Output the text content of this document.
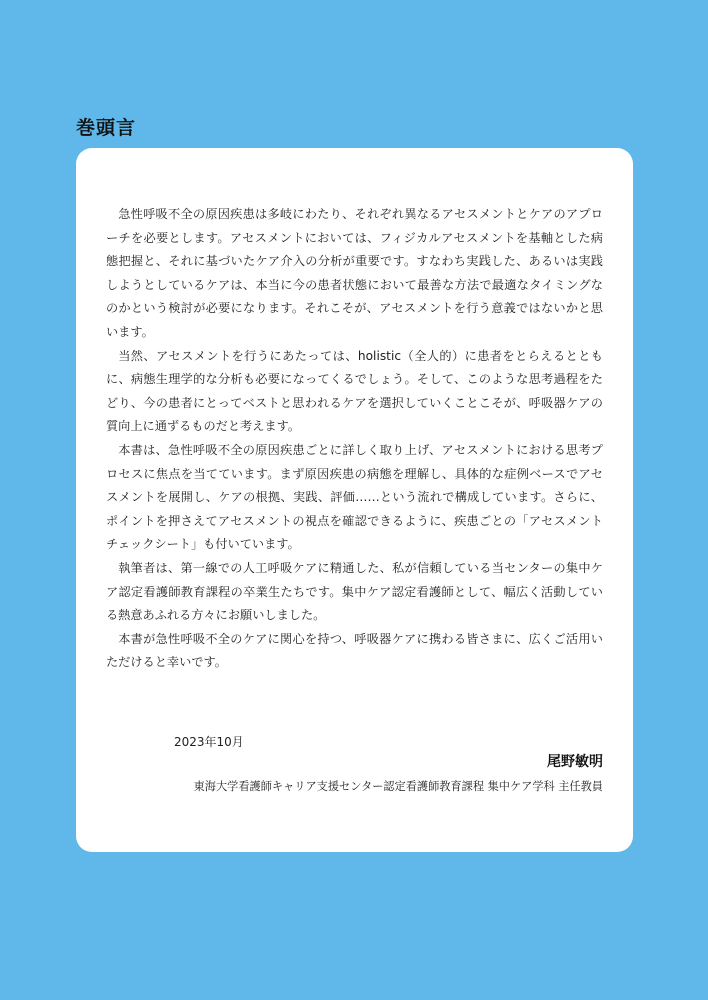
巻頭言

急性呼吸不全の原因疾患は多岐にわたり、それぞれ異なるアセスメントとケアのアプローチを必要とします。アセスメントにおいては、フィジカルアセスメントを基軸とした病態把握と、それに基づいたケア介入の分析が重要です。すなわち実践した、あるいは実践しようとしているケアは、本当に今の患者状態において最善な方法で最適なタイミングなのかという検討が必要になります。それこそが、アセスメントを行う意義ではないかと思います。

当然、アセスメントを行うにあたっては、holistic（全人的）に患者をとらえるとともに、病態生理学的な分析も必要になってくるでしょう。そして、このような思考過程をたどり、今の患者にとってベストと思われるケアを選択していくことこそが、呼吸器ケアの質向上に通ずるものだと考えます。

本書は、急性呼吸不全の原因疾患ごとに詳しく取り上げ、アセスメントにおける思考プロセスに焦点を当てています。まず原因疾患の病態を理解し、具体的な症例ベースでアセスメントを展開し、ケアの根拠、実践、評価……という流れで構成しています。さらに、ポイントを押さえてアセスメントの視点を確認できるように、疾患ごとの「アセスメントチェックシート」も付いています。

執筆者は、第一線での人工呼吸ケアに精通した、私が信頼している当センターの集中ケア認定看護師教育課程の卒業生たちです。集中ケア認定看護師として、幅広く活動している熱意あふれる方々にお願いしました。

本書が急性呼吸不全のケアに関心を持つ、呼吸器ケアに携わる皆さまに、広くご活用いただけると幸いです。

2023年10月
尾野敏明
東海大学看護師キャリア支援センター認定看護師教育課程 集中ケア学科 主任教員
